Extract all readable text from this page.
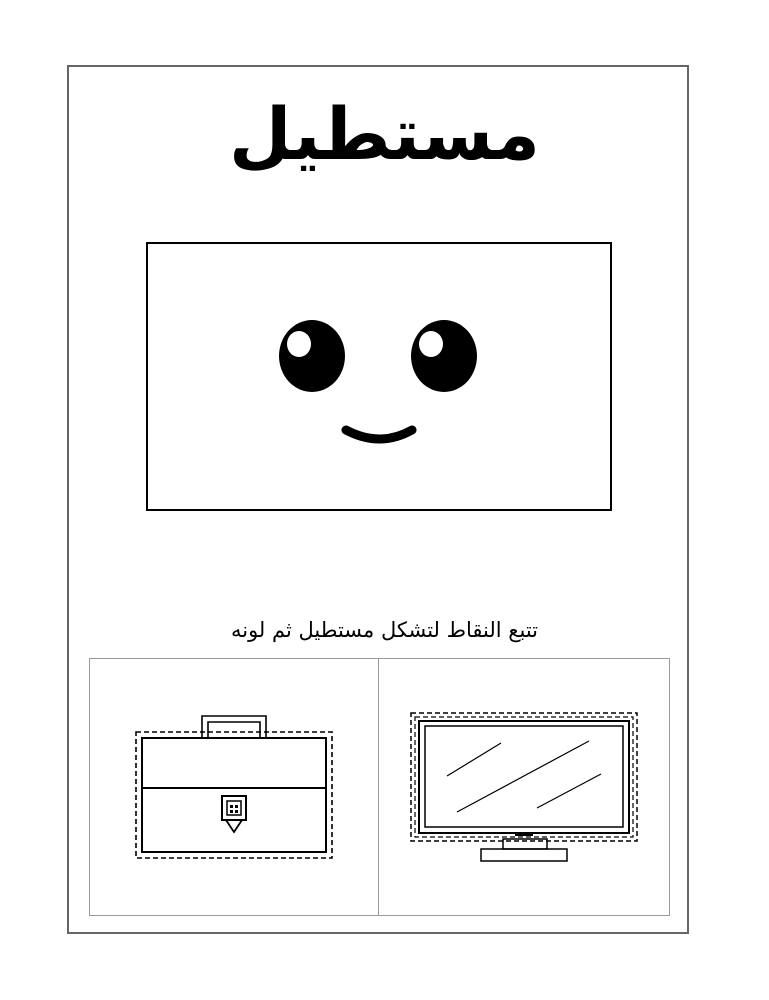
مستطيل
تتبع النقاط لتشكل مستطيل ثم لونه
